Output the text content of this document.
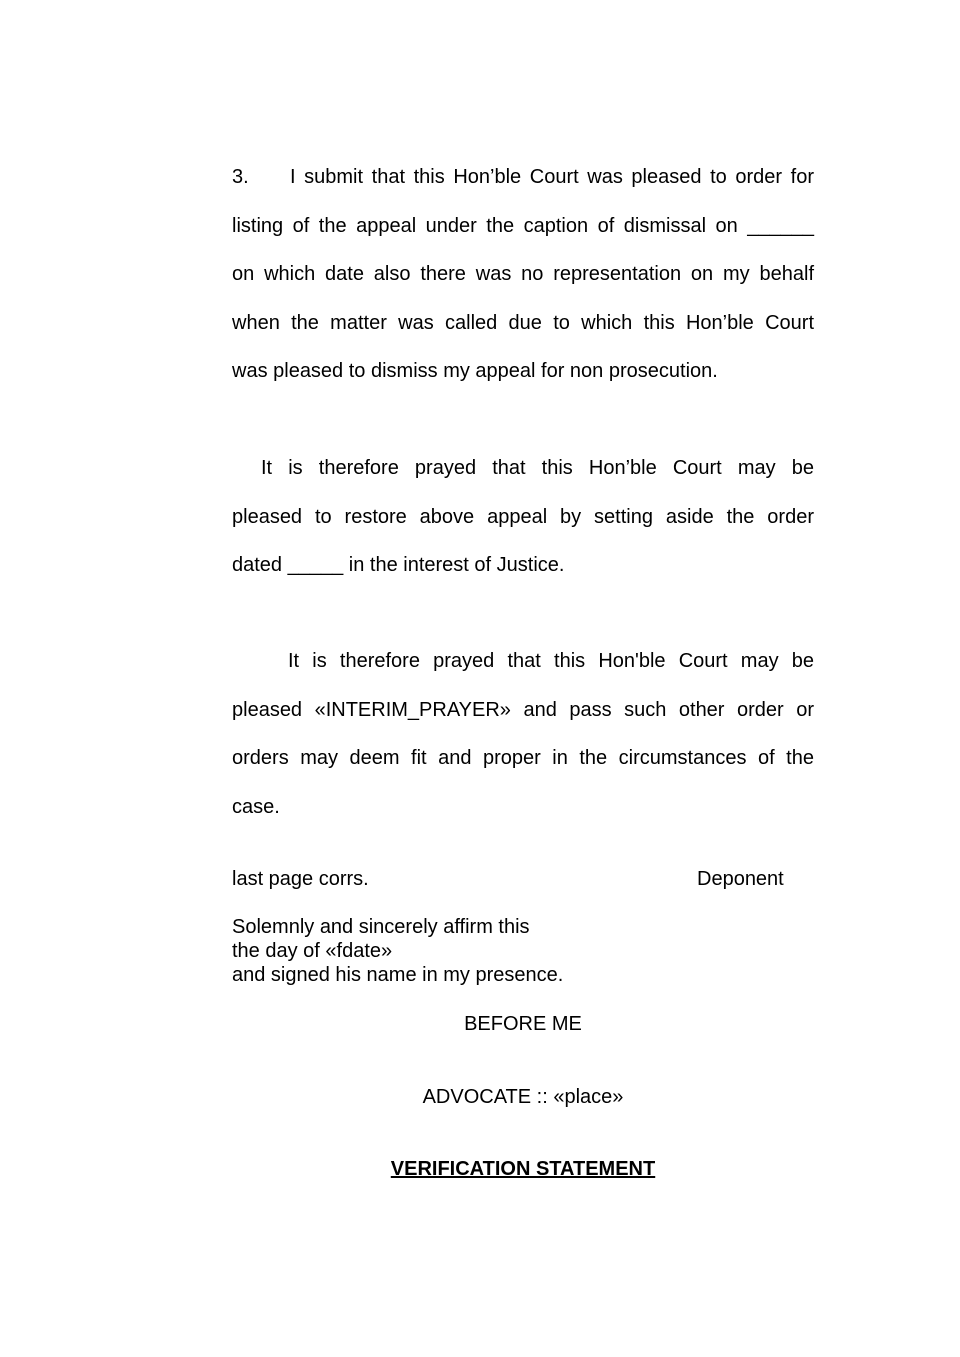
3. I submit that this Hon’ble Court was pleased to order for
listing of the appeal under the caption of dismissal on ______
on which date also there was no representation on my behalf
when the matter was called due to which this Hon’ble Court
was pleased to dismiss my appeal for non prosecution.
It is therefore prayed that this Hon’ble Court may be
pleased to restore above appeal by setting aside the order
dated _____ in the interest of Justice.
It is therefore prayed that this Hon'ble Court may be
pleased «INTERIM_PRAYER» and pass such other order or
orders may deem fit and proper in the circumstances of the
case.
last page corrs.	Deponent
Solemnly and sincerely affirm this
the day of «fdate»
and signed his name in my presence.
BEFORE ME
ADVOCATE :: «place»
VERIFICATION STATEMENT
